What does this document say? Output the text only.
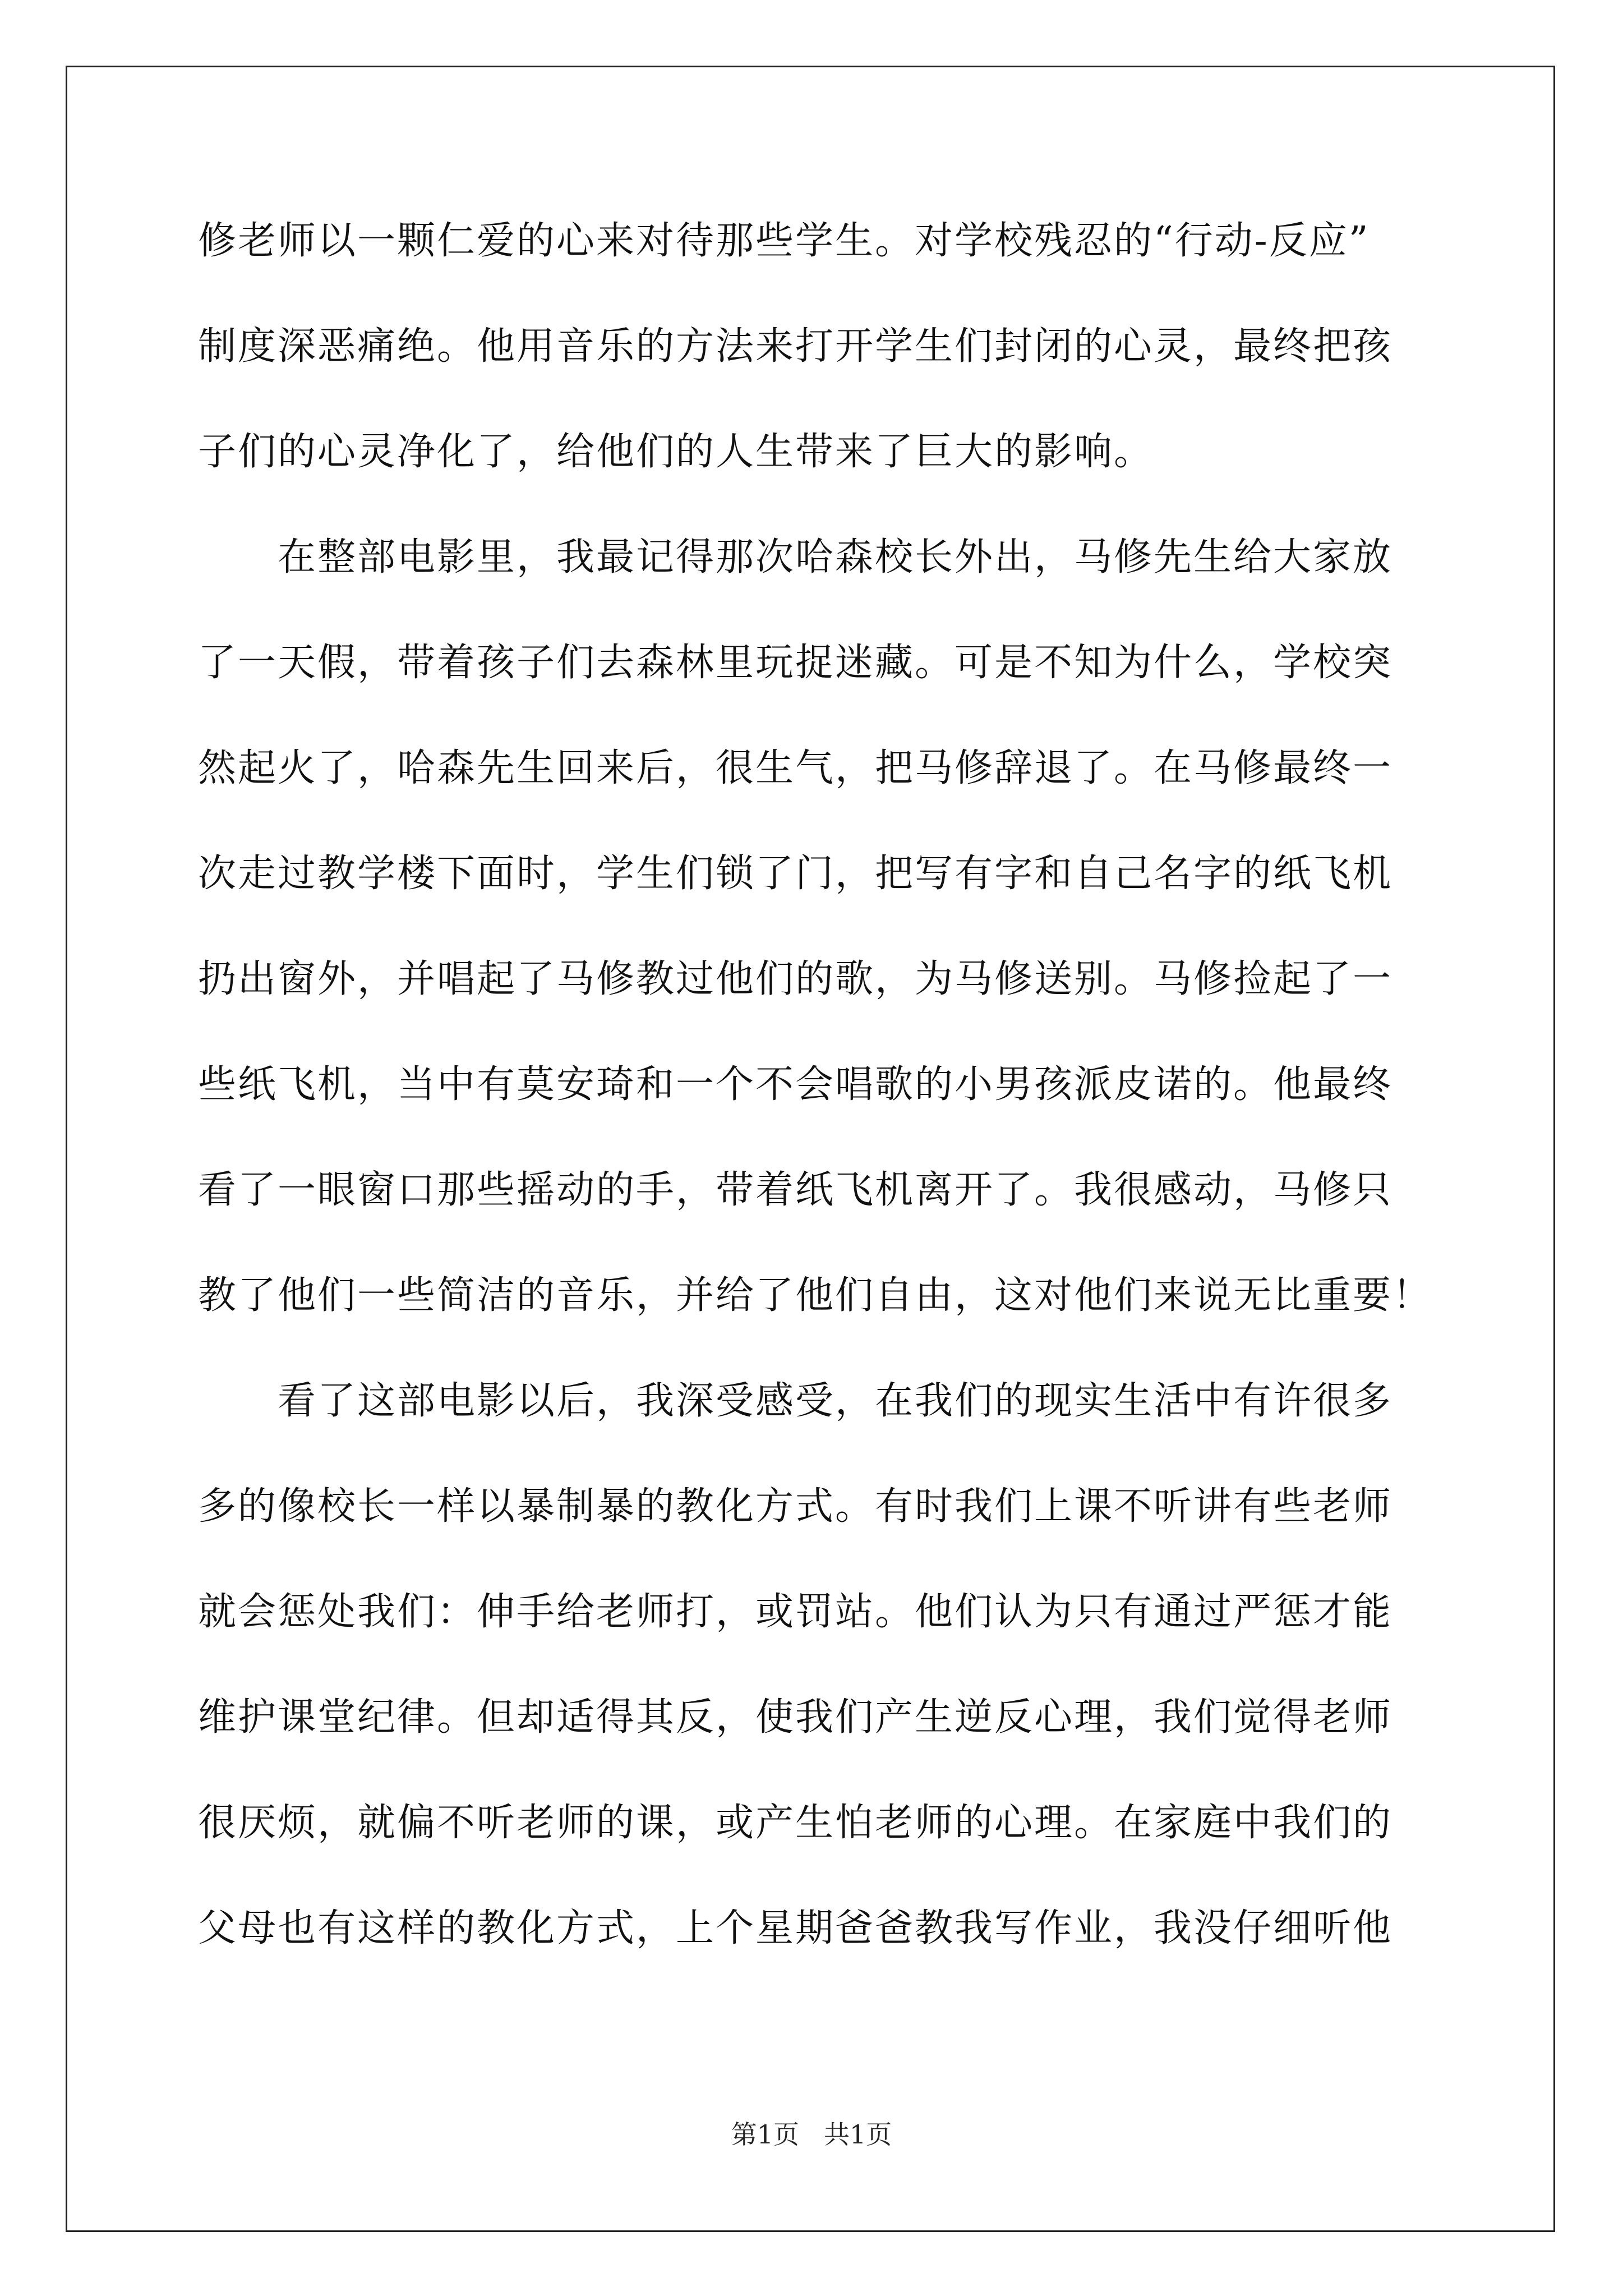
修老师以一颗仁爱的心来对待那些学生。对学校残忍的“行动-反应”

制度深恶痛绝。他用音乐的方法来打开学生们封闭的心灵，最终把孩

子们的心灵净化了，给他们的人生带来了巨大的影响。

　　在整部电影里，我最记得那次哈森校长外出，马修先生给大家放

了一天假，带着孩子们去森林里玩捉迷藏。可是不知为什么，学校突

然起火了，哈森先生回来后，很生气，把马修辞退了。在马修最终一

次走过教学楼下面时，学生们锁了门，把写有字和自己名字的纸飞机

扔出窗外，并唱起了马修教过他们的歌，为马修送别。马修捡起了一

些纸飞机，当中有莫安琦和一个不会唱歌的小男孩派皮诺的。他最终

看了一眼窗口那些摇动的手，带着纸飞机离开了。我很感动，马修只

教了他们一些简洁的音乐，并给了他们自由，这对他们来说无比重要！

　　看了这部电影以后，我深受感受，在我们的现实生活中有许很多

多的像校长一样以暴制暴的教化方式。有时我们上课不听讲有些老师

就会惩处我们：伸手给老师打，或罚站。他们认为只有通过严惩才能

维护课堂纪律。但却适得其反，使我们产生逆反心理，我们觉得老师

很厌烦，就偏不听老师的课，或产生怕老师的心理。在家庭中我们的

父母也有这样的教化方式，上个星期爸爸教我写作业，我没仔细听他

第1页 共1页
